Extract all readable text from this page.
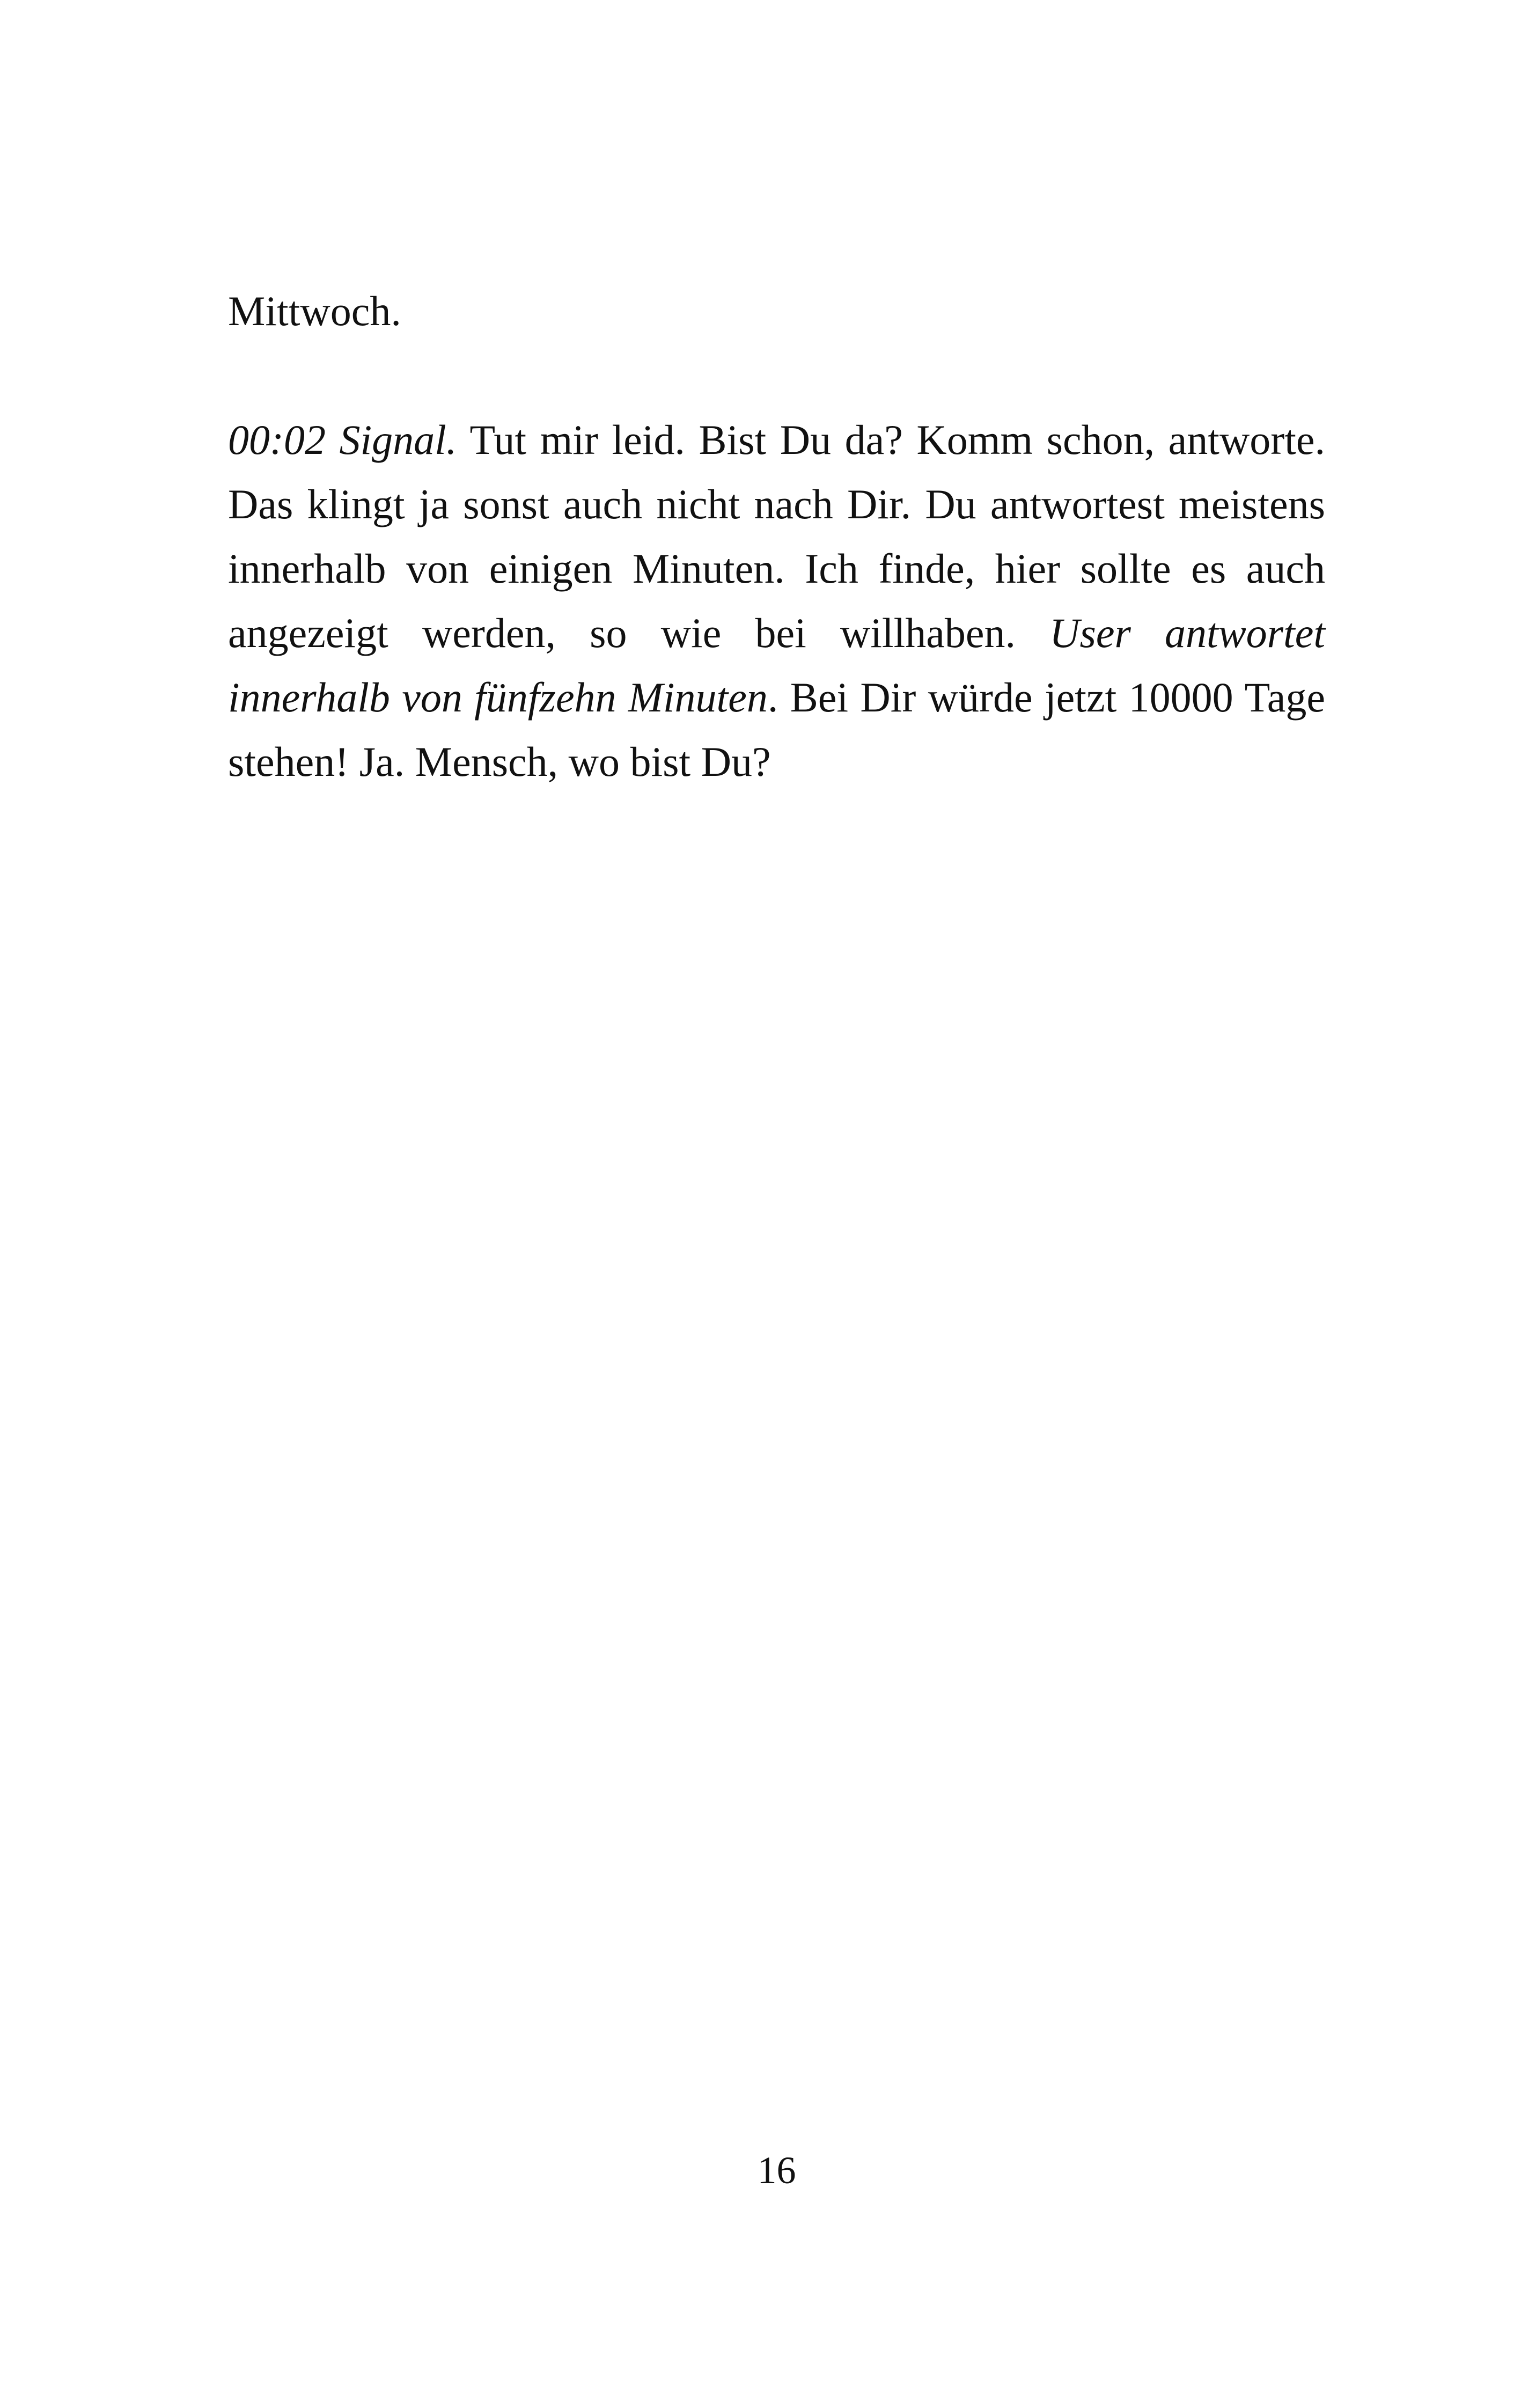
Mittwoch.

00:02 Signal. Tut mir leid. Bist Du da? Komm schon, antworte. Das klingt ja sonst auch nicht nach Dir. Du antwortest meistens innerhalb von einigen Minuten. Ich finde, hier sollte es auch angezeigt werden, so wie bei willhaben. User antwortet innerhalb von fünfzehn Minuten. Bei Dir würde jetzt 10000 Tage stehen! Ja. Mensch, wo bist Du?

16
